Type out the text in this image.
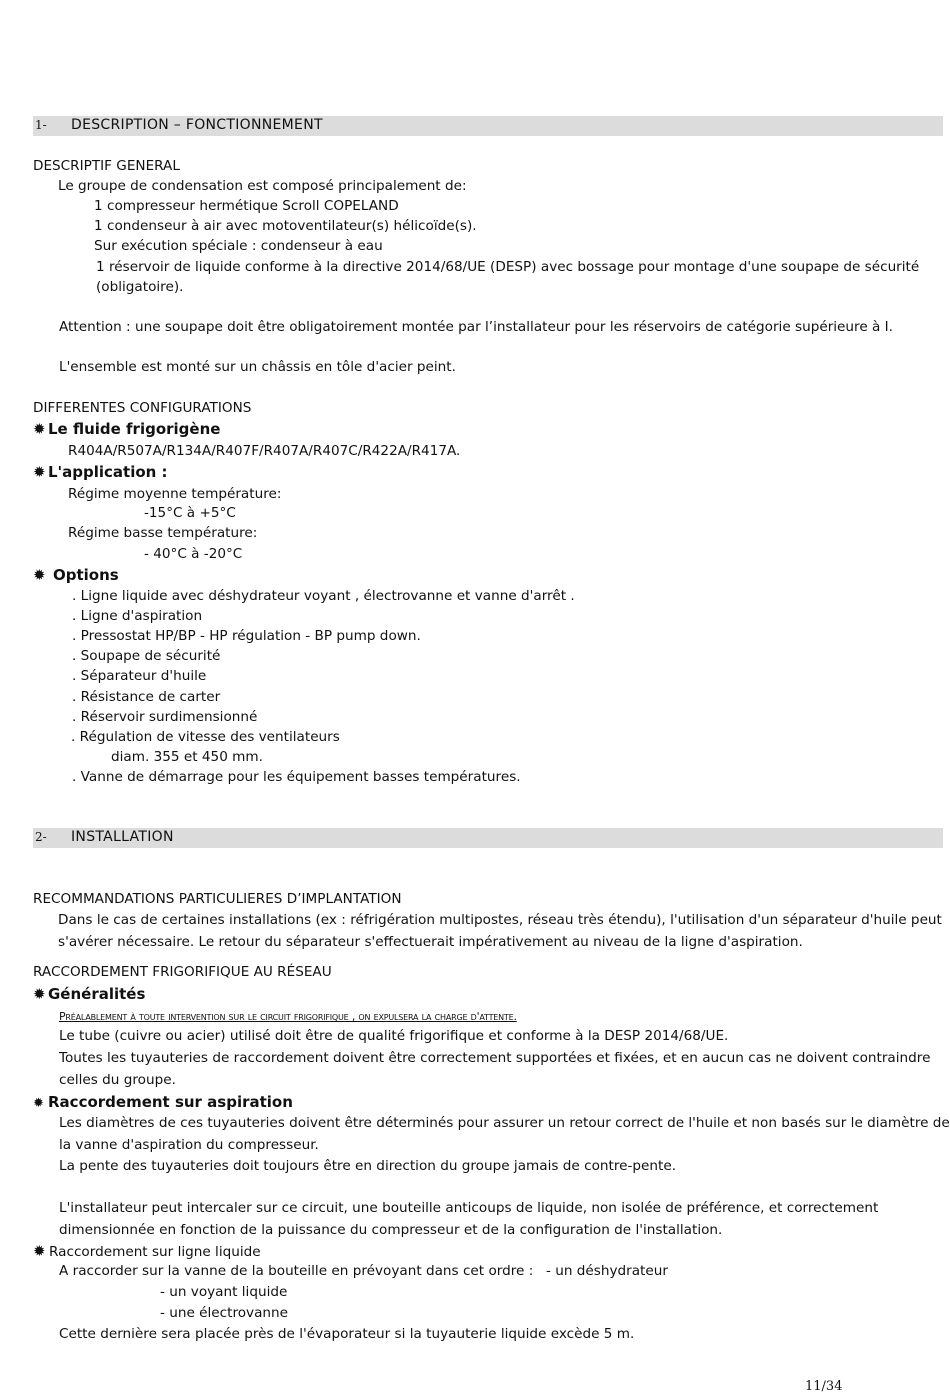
1- DESCRIPTION – FONCTIONNEMENT
DESCRIPTIF GENERAL
Le groupe de condensation est composé principalement de:
1 compresseur hermétique Scroll COPELAND
1 condenseur à air avec motoventilateur(s) hélicoïde(s).
Sur exécution spéciale : condenseur à eau
1 réservoir de liquide conforme à la directive 2014/68/UE (DESP) avec bossage pour montage d'une soupape de sécurité
(obligatoire).
Attention : une soupape doit être obligatoirement montée par l’installateur pour les réservoirs de catégorie supérieure à I.
L'ensemble est monté sur un châssis en tôle d'acier peint.
DIFFERENTES CONFIGURATIONS
✹ Le fluide frigorigène
R404A/R507A/R134A/R407F/R407A/R407C/R422A/R417A.
✹ L'application :
Régime moyenne température:
-15°C à +5°C
Régime basse température:
- 40°C à -20°C
✹ Options
. Ligne liquide avec déshydrateur voyant , électrovanne et vanne d'arrêt .
. Ligne d'aspiration
. Pressostat HP/BP - HP régulation - BP pump down.
. Soupape de sécurité
. Séparateur d'huile
. Résistance de carter
. Réservoir surdimensionné
. Régulation de vitesse des ventilateurs
diam. 355 et 450 mm.
. Vanne de démarrage pour les équipement basses températures.
2- INSTALLATION
RECOMMANDATIONS PARTICULIERES D’IMPLANTATION
Dans le cas de certaines installations (ex : réfrigération multipostes, réseau très étendu), l'utilisation d'un séparateur d'huile peut
s'avérer nécessaire. Le retour du séparateur s'effectuerait impérativement au niveau de la ligne d'aspiration.
RACCORDEMENT FRIGORIFIQUE AU RÉSEAU
✹ Généralités
Préalablement à toute intervention sur le circuit frigorifique , on expulsera la charge d'attente.
Le tube (cuivre ou acier) utilisé doit être de qualité frigorifique et conforme à la DESP 2014/68/UE.
Toutes les tuyauteries de raccordement doivent être correctement supportées et fixées, et en aucun cas ne doivent contraindre
celles du groupe.
✹ Raccordement sur aspiration
Les diamètres de ces tuyauteries doivent être déterminés pour assurer un retour correct de l'huile et non basés sur le diamètre de
la vanne d'aspiration du compresseur.
La pente des tuyauteries doit toujours être en direction du groupe jamais de contre-pente.
L'installateur peut intercaler sur ce circuit, une bouteille anticoups de liquide, non isolée de préférence, et correctement
dimensionnée en fonction de la puissance du compresseur et de la configuration de l'installation.
✹ Raccordement sur ligne liquide
A raccorder sur la vanne de la bouteille en prévoyant dans cet ordre : - un déshydrateur
- un voyant liquide
- une électrovanne
Cette dernière sera placée près de l'évaporateur si la tuyauterie liquide excède 5 m.
11/34
